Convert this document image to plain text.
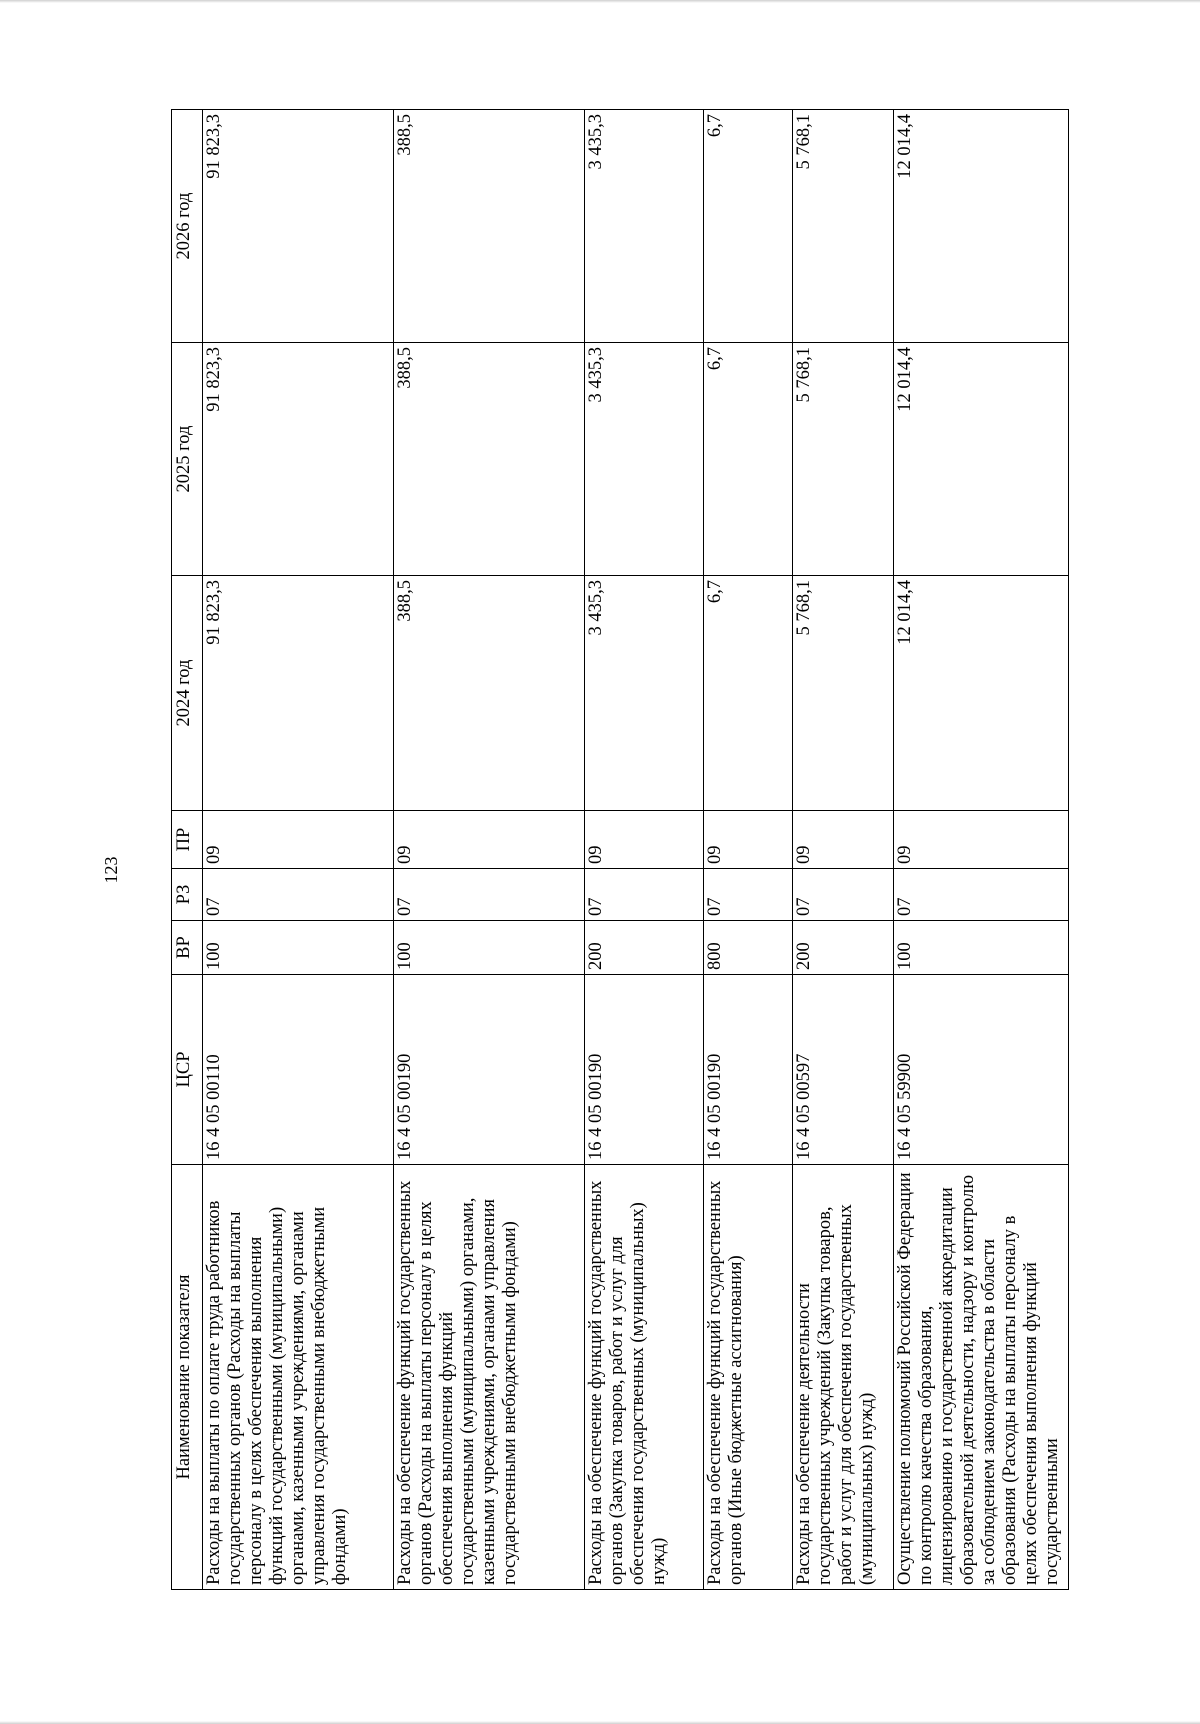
123
Наименование показателя	ЦСР	ВР	РЗ	ПР	2024 год	2025 год	2026 год
Расходы на выплаты по оплате труда работников государственных органов (Расходы на выплаты персоналу в целях обеспечения выполнения функций государственными (муниципальными) органами, казенными учреждениями, органами управления государственными внебюджетными фондами)	16 4 05 00110	100	07	09	91 823,3	91 823,3	91 823,3
Расходы на обеспечение функций государственных органов (Расходы на выплаты персоналу в целях обеспечения выполнения функций государственными (муниципальными) органами, казенными учреждениями, органами управления государственными внебюджетными фондами)	16 4 05 00190	100	07	09	388,5	388,5	388,5
Расходы на обеспечение функций государственных органов (Закупка товаров, работ и услуг для обеспечения государственных (муниципальных) нужд)	16 4 05 00190	200	07	09	3 435,3	3 435,3	3 435,3
Расходы на обеспечение функций государственных органов (Иные бюджетные ассигнования)	16 4 05 00190	800	07	09	6,7	6,7	6,7
Расходы на обеспечение деятельности государственных учреждений (Закупка товаров, работ и услуг для обеспечения государственных (муниципальных) нужд)	16 4 05 00597	200	07	09	5 768,1	5 768,1	5 768,1
Осуществление полномочий Российской Федерации по контролю качества образования, лицензированию и государственной аккредитации образовательной деятельности, надзору и контролю за соблюдением законодательства в области образования (Расходы на выплаты персоналу в целях обеспечения выполнения функций государственными	16 4 05 59900	100	07	09	12 014,4	12 014,4	12 014,4
